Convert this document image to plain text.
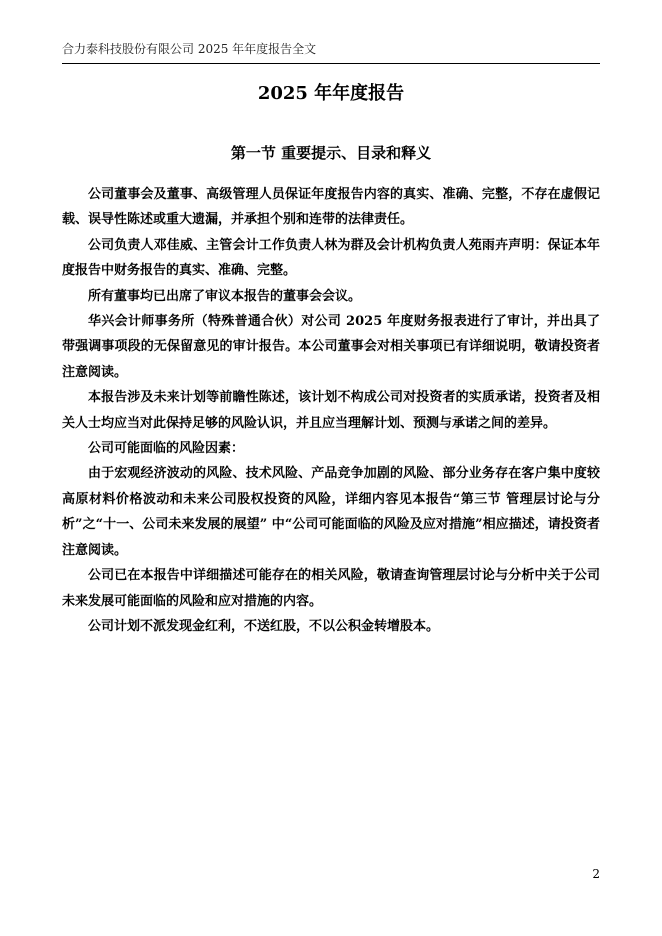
合力泰科技股份有限公司 2025 年年度报告全文
2025 年年度报告
第一节 重要提示、目录和释义

公司董事会及董事、高级管理人员保证年度报告内容的真实、准确、完整，不存在虚假记载、误导性陈述或重大遗漏，并承担个别和连带的法律责任。

公司负责人邓佳威、主管会计工作负责人林为群及会计机构负责人苑雨卉声明：保证本年度报告中财务报告的真实、准确、完整。

所有董事均已出席了审议本报告的董事会会议。

华兴会计师事务所（特殊普通合伙）对公司 2025 年度财务报表进行了审计，并出具了带强调事项段的无保留意见的审计报告。本公司董事会对相关事项已有详细说明，敬请投资者注意阅读。

本报告涉及未来计划等前瞻性陈述，该计划不构成公司对投资者的实质承诺，投资者及相关人士均应当对此保持足够的风险认识，并且应当理解计划、预测与承诺之间的差异。

公司可能面临的风险因素：

由于宏观经济波动的风险、技术风险、产品竞争加剧的风险、部分业务存在客户集中度较高原材料价格波动和未来公司股权投资的风险，详细内容见本报告“第三节 管理层讨论与分析”之“十一、公司未来发展的展望” 中“公司可能面临的风险及应对措施”相应描述，请投资者注意阅读。

公司已在本报告中详细描述可能存在的相关风险，敬请查询管理层讨论与分析中关于公司未来发展可能面临的风险和应对措施的内容。

公司计划不派发现金红利，不送红股，不以公积金转增股本。

2
